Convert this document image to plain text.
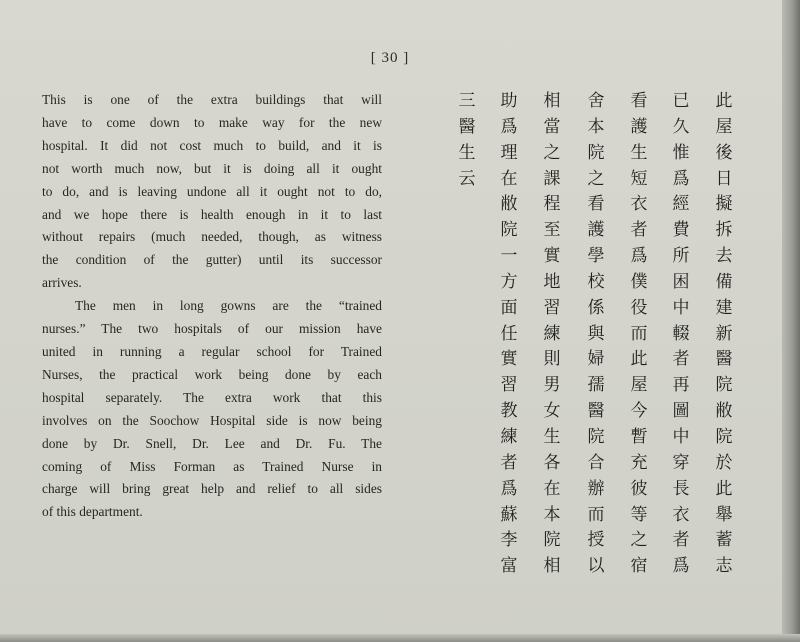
[ 30 ]
This is one of the extra buildings that will
have to come down to make way for the new
hospital. It did not cost much to build, and it is
not worth much now, but it is doing all it ought
to do, and is leaving undone all it ought not to do,
and we hope there is health enough in it to last
without repairs (much needed, though, as witness
the condition of the gutter) until its successor
arrives.
The men in long gowns are the “trained
nurses.” The two hospitals of our mission have
united in running a regular school for Trained
Nurses, the practical work being done by each
hospital separately. The extra work that this
involves on the Soochow Hospital side is now being
done by Dr. Snell, Dr. Lee and Dr. Fu. The
coming of Miss Forman as Trained Nurse in
charge will bring great help and relief to all sides
of this department.
此
屋
後
日
擬
拆
去
備
建
新
醫
院
敝
院
於
此
舉
蓄
志
已
久
惟
爲
經
費
所
困
中
輟
者
再
圖
中
穿
長
衣
者
爲
看
護
生
短
衣
者
爲
僕
役
而
此
屋
今
暫
充
彼
等
之
宿
舍
本
院
之
看
護
學
校
係
與
婦
孺
醫
院
合
辦
而
授
以
相
當
之
課
程
至
實
地
習
練
則
男
女
生
各
在
本
院
相
助
爲
理
在
敝
院
一
方
面
任
實
習
教
練
者
爲
蘇
李
富
三
醫
生
云
